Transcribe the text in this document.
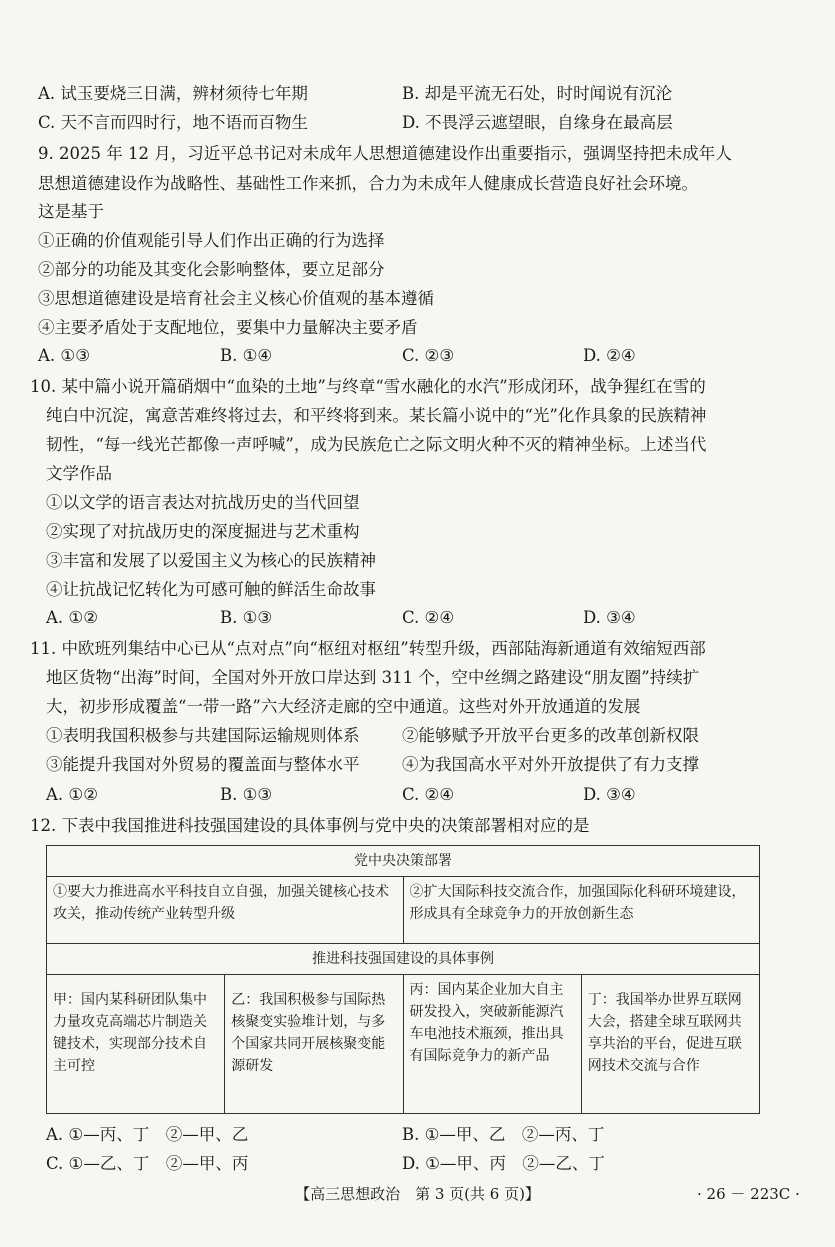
A. 试玉要烧三日满，辨材须待七年期	B. 却是平流无石处，时时闻说有沉沦
C. 天不言而四时行，地不语而百物生	D. 不畏浮云遮望眼，自缘身在最高层
9. 2025 年 12 月，习近平总书记对未成年人思想道德建设作出重要指示，强调坚持把未成年人
思想道德建设作为战略性、基础性工作来抓，合力为未成年人健康成长营造良好社会环境。
这是基于
①正确的价值观能引导人们作出正确的行为选择
②部分的功能及其变化会影响整体，要立足部分
③思想道德建设是培育社会主义核心价值观的基本遵循
④主要矛盾处于支配地位，要集中力量解决主要矛盾
A. ①③	B. ①④	C. ②③	D. ②④
10. 某中篇小说开篇硝烟中“血染的土地”与终章“雪水融化的水汽”形成闭环，战争猩红在雪的
纯白中沉淀，寓意苦难终将过去，和平终将到来。某长篇小说中的“光”化作具象的民族精神
韧性，“每一线光芒都像一声呼喊”，成为民族危亡之际文明火种不灭的精神坐标。上述当代
文学作品
①以文学的语言表达对抗战历史的当代回望
②实现了对抗战历史的深度掘进与艺术重构
③丰富和发展了以爱国主义为核心的民族精神
④让抗战记忆转化为可感可触的鲜活生命故事
A. ①②	B. ①③	C. ②④	D. ③④
11. 中欧班列集结中心已从“点对点”向“枢纽对枢纽”转型升级，西部陆海新通道有效缩短西部
地区货物“出海”时间，全国对外开放口岸达到 311 个，空中丝绸之路建设“朋友圈”持续扩
大，初步形成覆盖“一带一路”六大经济走廊的空中通道。这些对外开放通道的发展
①表明我国积极参与共建国际运输规则体系	②能够赋予开放平台更多的改革创新权限
③能提升我国对外贸易的覆盖面与整体水平	④为我国高水平对外开放提供了有力支撑
A. ①②	B. ①③	C. ②④	D. ③④
12. 下表中我国推进科技强国建设的具体事例与党中央的决策部署相对应的是
党中央决策部署			
①要大力推进高水平科技自立自强，加强关键核心技术攻关，推动传统产业转型升级		②扩大国际科技交流合作，加强国际化科研环境建设，形成具有全球竞争力的开放创新生态	
推进科技强国建设的具体事例			
甲：国内某科研团队集中力量攻克高端芯片制造关键技术，实现部分技术自主可控	乙：我国积极参与国际热核聚变实验堆计划，与多个国家共同开展核聚变能源研发	丙：国内某企业加大自主研发投入，突破新能源汽车电池技术瓶颈，推出具有国际竞争力的新产品	丁：我国举办世界互联网大会，搭建全球互联网共享共治的平台，促进互联网技术交流与合作
A. ①—丙、丁　②—甲、乙	B. ①—甲、乙　②—丙、丁
C. ①—乙、丁　②—甲、丙	D. ①—甲、丙　②—乙、丁
【高三思想政治　第 3 页(共 6 页)】	· 26 － 223C ·
